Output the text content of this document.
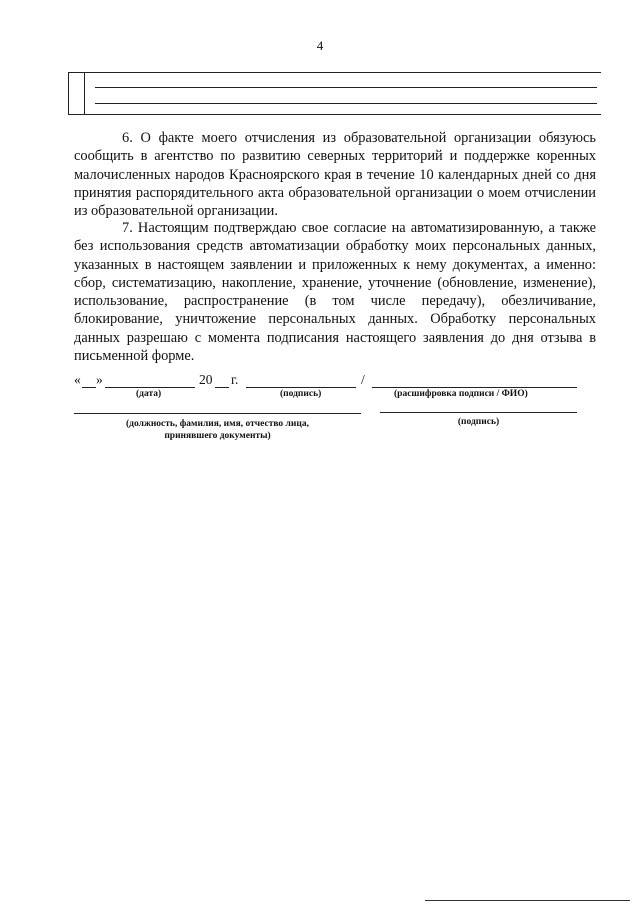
4

6. О факте моего отчисления из образовательной организации обязуюсь сообщить в агентство по развитию северных территорий и поддержке коренных малочисленных народов Красноярского края в течение 10 календарных дней со дня принятия распорядительного акта образовательной организации о моем отчислении из образовательной организации.

7. Настоящим подтверждаю свое согласие на автоматизированную, а также без использования средств автоматизации обработку моих персональных данных, указанных в настоящем заявлении и приложенных к нему документах, а именно: сбор, систематизацию, накопление, хранение, уточнение (обновление, изменение), использование, распространение (в том числе передачу), обезличивание, блокирование, уничтожение персональных данных. Обработку персональных данных разрешаю с момента подписания настоящего заявления до дня отзыва в письменной форме.

« »	20 г.	/
(дата)	(подпись)	(расшифровка подписи / ФИО)
(должность, фамилия, имя, отчество лица,
принявшего документы)
(подпись)
